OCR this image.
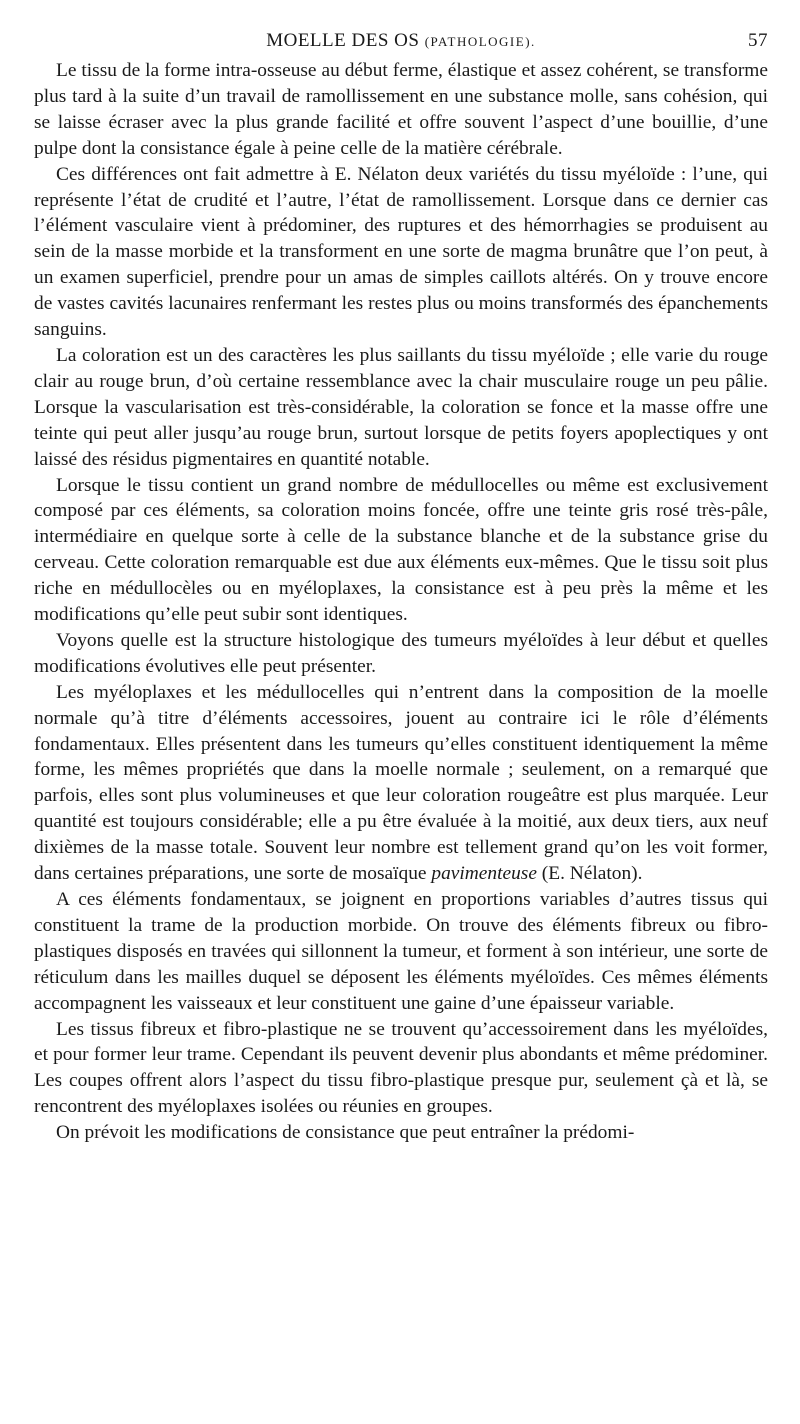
MOELLE DES OS (PATHOLOGIE).	57

Le tissu de la forme intra-osseuse au début ferme, élastique et assez cohérent, se transforme plus tard à la suite d’un travail de ramollissement en une substance molle, sans cohésion, qui se laisse écraser avec la plus grande facilité et offre souvent l’aspect d’une bouillie, d’une pulpe dont la consistance égale à peine celle de la matière cérébrale.

Ces différences ont fait admettre à E. Nélaton deux variétés du tissu myéloïde : l’une, qui représente l’état de crudité et l’autre, l’état de ramollissement. Lorsque dans ce dernier cas l’élément vasculaire vient à prédominer, des ruptures et des hémorrhagies se produisent au sein de la masse morbide et la transforment en une sorte de magma brunâtre que l’on peut, à un examen superficiel, prendre pour un amas de simples caillots altérés. On y trouve encore de vastes cavités lacunaires renfermant les restes plus ou moins transformés des épanchements sanguins.

La coloration est un des caractères les plus saillants du tissu myéloïde ; elle varie du rouge clair au rouge brun, d’où certaine ressemblance avec la chair musculaire rouge un peu pâlie. Lorsque la vascularisation est très-considérable, la coloration se fonce et la masse offre une teinte qui peut aller jusqu’au rouge brun, surtout lorsque de petits foyers apoplectiques y ont laissé des résidus pigmentaires en quantité notable.

Lorsque le tissu contient un grand nombre de médullocelles ou même est exclusivement composé par ces éléments, sa coloration moins foncée, offre une teinte gris rosé très-pâle, intermédiaire en quelque sorte à celle de la substance blanche et de la substance grise du cerveau. Cette coloration remarquable est due aux éléments eux-mêmes. Que le tissu soit plus riche en médullocèles ou en myéloplaxes, la consistance est à peu près la même et les modifications qu’elle peut subir sont identiques.

Voyons quelle est la structure histologique des tumeurs myéloïdes à leur début et quelles modifications évolutives elle peut présenter.

Les myéloplaxes et les médullocelles qui n’entrent dans la composition de la moelle normale qu’à titre d’éléments accessoires, jouent au contraire ici le rôle d’éléments fondamentaux. Elles présentent dans les tumeurs qu’elles constituent identiquement la même forme, les mêmes propriétés que dans la moelle normale ; seulement, on a remarqué que parfois, elles sont plus volumineuses et que leur coloration rougeâtre est plus marquée. Leur quantité est toujours considérable; elle a pu être évaluée à la moitié, aux deux tiers, aux neuf dixièmes de la masse totale. Souvent leur nombre est tellement grand qu’on les voit former, dans certaines préparations, une sorte de mosaïque pavimenteuse (E. Nélaton).

Α ces éléments fondamentaux, se joignent en proportions variables d’autres tissus qui constituent la trame de la production morbide. On trouve des éléments fibreux ou fibro-plastiques disposés en travées qui sillonnent la tumeur, et forment à son intérieur, une sorte de réticulum dans les mailles duquel se déposent les éléments myéloïdes. Ces mêmes éléments accompagnent les vaisseaux et leur constituent une gaine d’une épaisseur variable.

Les tissus fibreux et fibro-plastique ne se trouvent qu’accessoirement dans les myéloïdes, et pour former leur trame. Cependant ils peuvent devenir plus abondants et même prédominer. Les coupes offrent alors l’aspect du tissu fibro-plastique presque pur, seulement çà et là, se rencontrent des myéloplaxes isolées ou réunies en groupes.

On prévoit les modifications de consistance que peut entraîner la prédomi-
